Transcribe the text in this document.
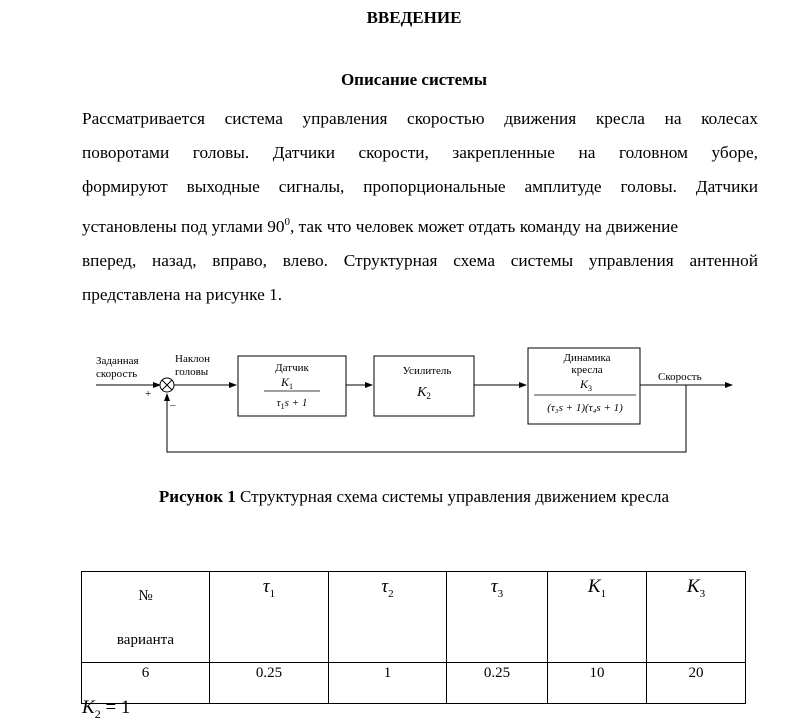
ВВЕДЕНИЕ
Описание системы
Рассматривается система управления скоростью движения кресла на колесах
поворотами головы. Датчики скорости, закрепленные на головном уборе,
формируют выходные сигналы, пропорциональные амплитуде головы. Датчики
установлены под углами $90^0$, так что человек может отдать команду на движение
вперед, назад, вправо, влево. Структурная схема системы управления антенной
представлена на рисунке 1.
Заданная
скорость
Наклон
головы
+
–
Датчик
$K_1$
$\tau_1s + 1$
Усилитель
$K_2$
Динамика
кресла
$K_3$
(τ₃s + 1)(τ₄s + 1)
Скорость
Рисунок 1 Структурная схема системы управления движением кресла
№
варианта	$\tau_1$	$\tau_2$	$\tau_3$	$K_1$	$K_3$
6	0.25	1	0.25	10	20
$K_2 = 1$
